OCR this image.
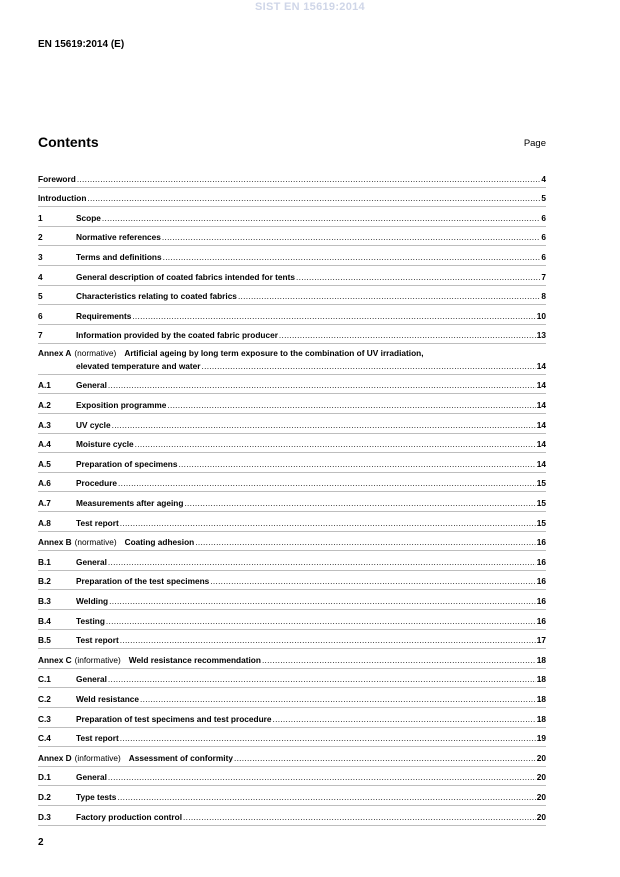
SIST EN 15619:2014
EN 15619:2014 (E)
Contents	Page
Foreword .....	4
Introduction .....	5
1	Scope .....	6
2	Normative references .....	6
3	Terms and definitions .....	6
4	General description of coated fabrics intended for tents .....	7
5	Characteristics relating to coated fabrics .....	8
6	Requirements .....	10
7	Information provided by the coated fabric producer .....	13
Annex A (normative) Artificial ageing by long term exposure to the combination of UV irradiation,
elevated temperature and water .....	14
A.1	General .....	14
A.2	Exposition programme .....	14
A.3	UV cycle .....	14
A.4	Moisture cycle .....	14
A.5	Preparation of specimens .....	14
A.6	Procedure .....	15
A.7	Measurements after ageing .....	15
A.8	Test report .....	15
Annex B (normative) Coating adhesion .....	16
B.1	General .....	16
B.2	Preparation of the test specimens .....	16
B.3	Welding .....	16
B.4	Testing .....	16
B.5	Test report .....	17
Annex C (informative) Weld resistance recommendation .....	18
C.1	General .....	18
C.2	Weld resistance .....	18
C.3	Preparation of test specimens and test procedure .....	18
C.4	Test report .....	19
Annex D (informative) Assessment of conformity .....	20
D.1	General .....	20
D.2	Type tests .....	20
D.3	Factory production control .....	20
2
